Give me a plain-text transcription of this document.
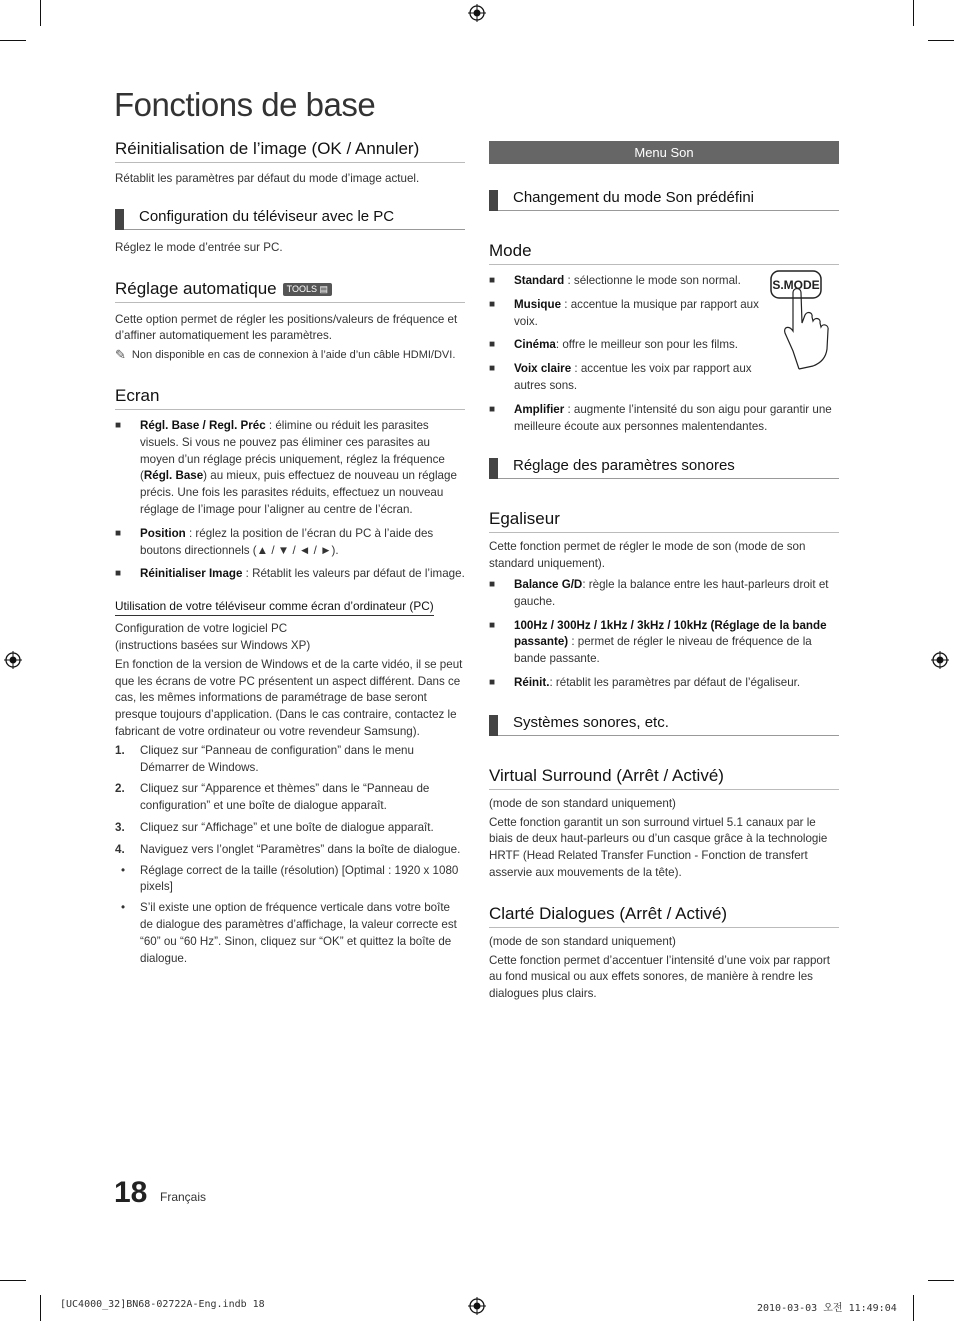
Fonctions de base
Réinitialisation de l’image (OK / Annuler)

Rétablit les paramètres par défaut du mode d’image actuel.

Configuration du téléviseur avec le PC

Réglez le mode d’entrée sur PC.

Réglage automatique TOOLS ▤

Cette option permet de régler les positions/valeurs de fréquence et d’affiner automatiquement les paramètres.

✎ Non disponible en cas de connexion à l’aide d’un câble HDMI/DVI.
Ecran
■ Régl. Base / Regl. Préc : élimine ou réduit les parasites visuels. Si vous ne pouvez pas éliminer ces parasites au moyen d’un réglage précis uniquement, réglez la fréquence (Régl. Base) au mieux, puis effectuez de nouveau un réglage précis. Une fois les parasites réduits, effectuez un nouveau réglage de l’image pour l’aligner au centre de l’écran.
■ Position : réglez la position de l’écran du PC à l’aide des boutons directionnels (▲ / ▼ / ◄ / ►).
■ Réinitialiser Image : Rétablit les valeurs par défaut de l’image.
Utilisation de votre téléviseur comme écran d’ordinateur (PC)

Configuration de votre logiciel PC

(instructions basées sur Windows XP)

En fonction de la version de Windows et de la carte vidéo, il se peut que les écrans de votre PC présentent un aspect différent. Dans ce cas, les mêmes informations de paramétrage de base seront presque toujours d’application. (Dans le cas contraire, contactez le fabricant de votre ordinateur ou votre revendeur Samsung).

1. Cliquez sur “Panneau de configuration” dans le menu Démarrer de Windows.
2. Cliquez sur “Apparence et thèmes” dans le “Panneau de configuration” et une boîte de dialogue apparaît.
3. Cliquez sur “Affichage” et une boîte de dialogue apparaît.
4. Naviguez vers l’onglet “Paramètres” dans la boîte de dialogue.
• Réglage correct de la taille (résolution) [Optimal : 1920 x 1080 pixels]
• S’il existe une option de fréquence verticale dans votre boîte de dialogue des paramètres d’affichage, la valeur correcte est “60” ou “60 Hz”. Sinon, cliquez sur “OK” et quittez la boîte de dialogue.
Menu Son
Changement du mode Son prédéfini
Mode
S.MODE
■ Standard : sélectionne le mode son normal.
■ Musique : accentue la musique par rapport aux voix.
■ Cinéma: offre le meilleur son pour les films.
■ Voix claire : accentue les voix par rapport aux autres sons.
■ Amplifier : augmente l’intensité du son aigu pour garantir une meilleure écoute aux personnes malentendantes.
Réglage des paramètres sonores
Egaliseur

Cette fonction permet de régler le mode de son (mode de son standard uniquement).

■ Balance G/D: règle la balance entre les haut-parleurs droit et gauche.
■ 100Hz / 300Hz / 1kHz / 3kHz / 10kHz (Réglage de la bande passante) : permet de régler le niveau de fréquence de la bande passante.
■ Réinit.: rétablit les paramètres par défaut de l’égaliseur.
Systèmes sonores, etc.
Virtual Surround (Arrêt / Activé)

(mode de son standard uniquement)

Cette fonction garantit un son surround virtuel 5.1 canaux par le biais de deux haut-parleurs ou d’un casque grâce à la technologie HRTF (Head Related Transfer Function - Fonction de transfert asservie aux mouvements de la tête).

Clarté Dialogues (Arrêt / Activé)

(mode de son standard uniquement)

Cette fonction permet d’accentuer l’intensité d’une voix par rapport au fond musical ou aux effets sonores, de manière à rendre les dialogues plus clairs.

18 Français
[UC4000_32]BN68-02722A-Eng.indb 18	2010-03-03 오전 11:49:04
